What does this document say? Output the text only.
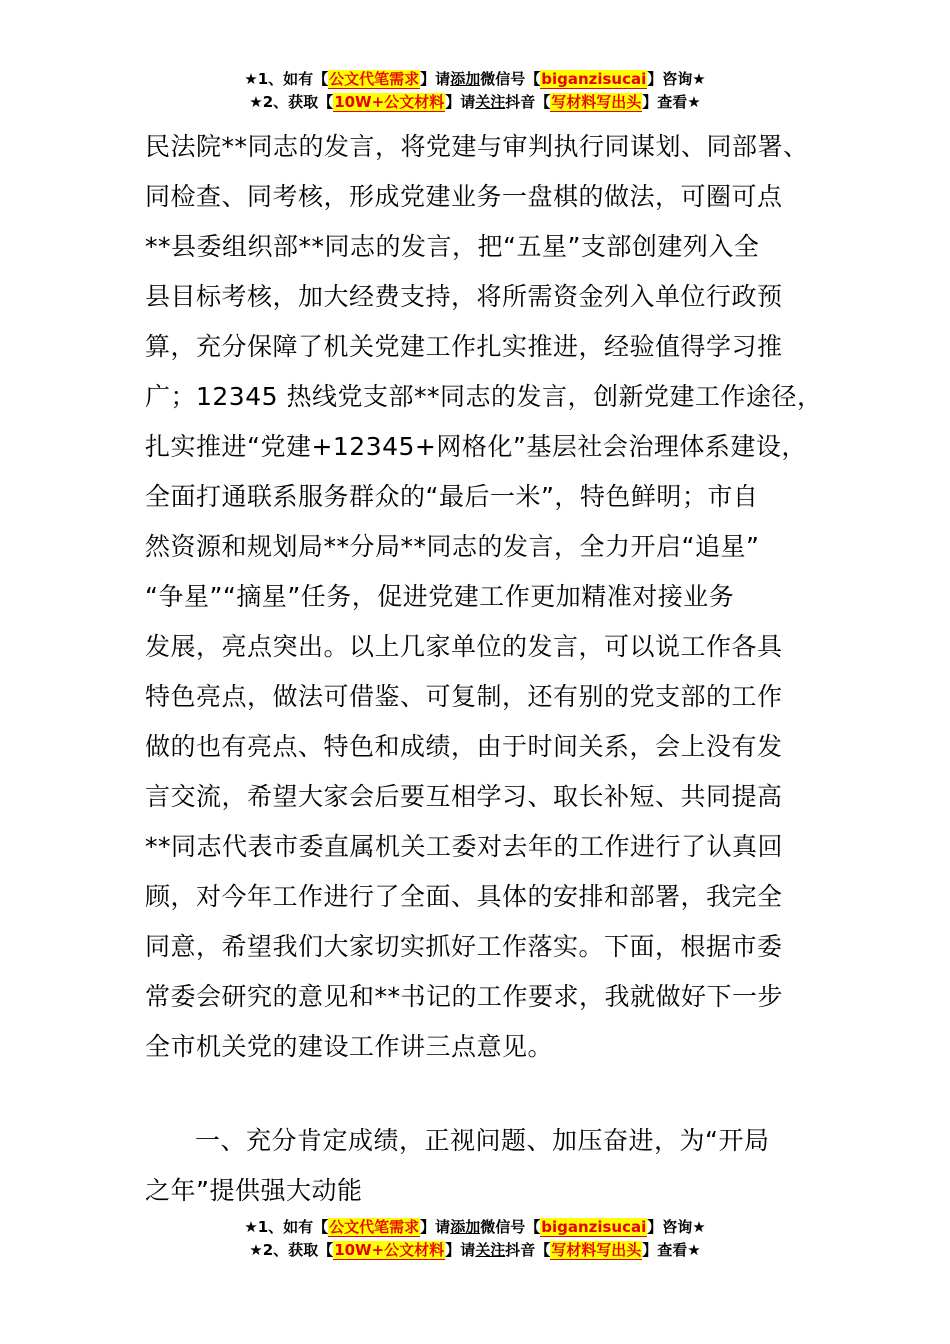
★1、如有【公文代笔需求】请添加微信号【biganzisucai】咨询★
★2、获取【10W+公文材料】请关注抖音【写材料写出头】查看★
民法院**同志的发言，将党建与审判执行同谋划、同部署、
同检查、同考核，形成党建业务一盘棋的做法，可圈可点
**县委组织部**同志的发言，把“五星”支部创建列入全
县目标考核，加大经费支持，将所需资金列入单位行政预
算，充分保障了机关党建工作扎实推进，经验值得学习推
广；12345 热线党支部**同志的发言，创新党建工作途径，
扎实推进“党建+12345+网格化”基层社会治理体系建设，
全面打通联系服务群众的“最后一米”，特色鲜明；市自
然资源和规划局**分局**同志的发言，全力开启“追星”
“争星”“摘星”任务，促进党建工作更加精准对接业务
发展，亮点突出。以上几家单位的发言，可以说工作各具
特色亮点，做法可借鉴、可复制，还有别的党支部的工作
做的也有亮点、特色和成绩，由于时间关系，会上没有发
言交流，希望大家会后要互相学习、取长补短、共同提高
**同志代表市委直属机关工委对去年的工作进行了认真回
顾，对今年工作进行了全面、具体的安排和部署，我完全
同意，希望我们大家切实抓好工作落实。下面，根据市委
常委会研究的意见和**书记的工作要求，我就做好下一步
全市机关党的建设工作讲三点意见。
一、充分肯定成绩，正视问题、加压奋进，为“开局
之年”提供强大动能
★1、如有【公文代笔需求】请添加微信号【biganzisucai】咨询★
★2、获取【10W+公文材料】请关注抖音【写材料写出头】查看★
